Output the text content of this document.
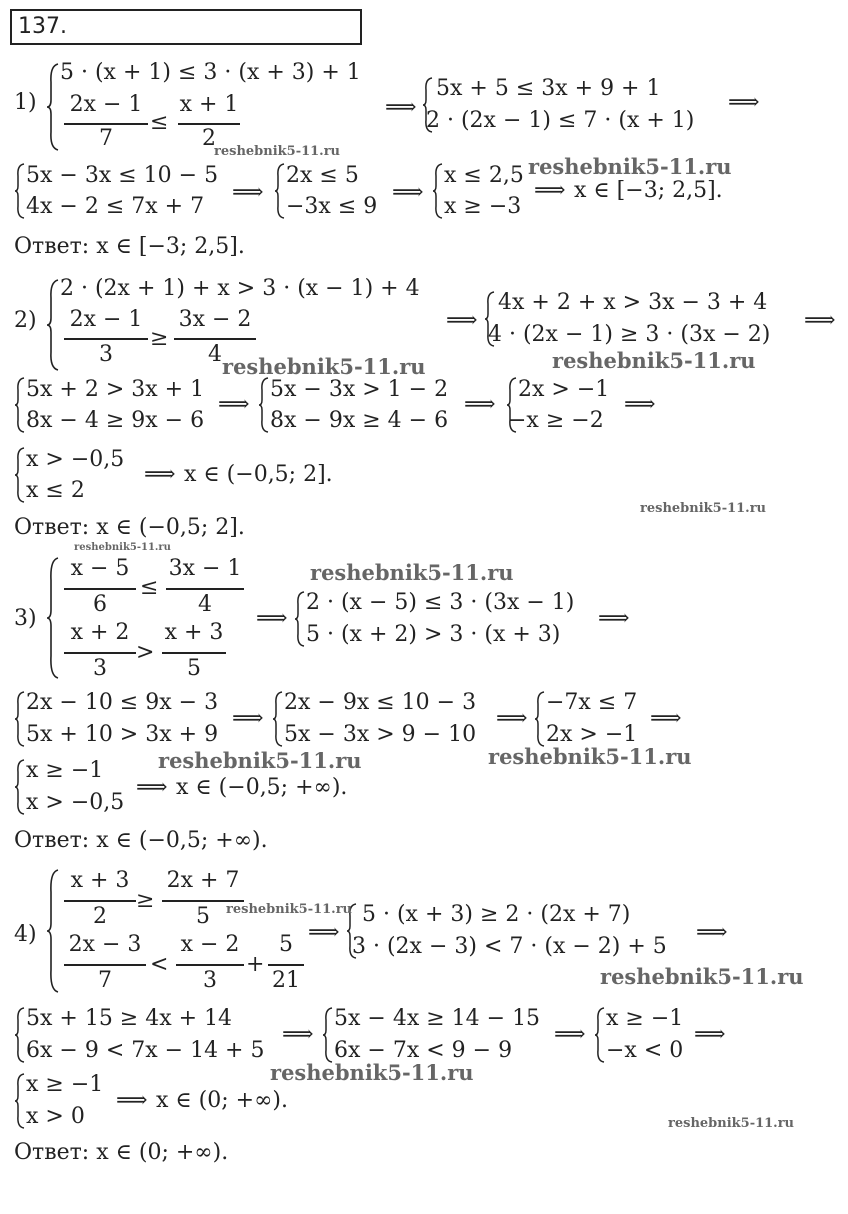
137.
1)
5 · (x + 1) ≤ 3 · (x + 3) + 1
2x − 1
7
≤
x + 1
2
⟹
5x + 5 ≤ 3x + 9 + 1
2 · (2x − 1) ≤ 7 · (x + 1)
⟹
5x − 3x ≤ 10 − 5
4x − 2 ≤ 7x + 7
⟹
2x ≤ 5
−3x ≤ 9
⟹
x ≤ 2,5
x ≥ −3
⟹ x ∈ [−3; 2,5].
Ответ: x ∈ [−3; 2,5].
2)
2 · (2x + 1) + x > 3 · (x − 1) + 4
2x − 1
3
≥
3x − 2
4
⟹
4x + 2 + x > 3x − 3 + 4
4 · (2x − 1) ≥ 3 · (3x − 2)
⟹
5x + 2 > 3x + 1
8x − 4 ≥ 9x − 6
⟹
5x − 3x > 1 − 2
8x − 9x ≥ 4 − 6
⟹
2x > −1
−x ≥ −2
⟹
x > −0,5
x ≤ 2
⟹ x ∈ (−0,5; 2].
Ответ: x ∈ (−0,5; 2].
3)
x − 5
6
≤
3x − 1
4
x + 2
3
>
x + 3
5
⟹
2 · (x − 5) ≤ 3 · (3x − 1)
5 · (x + 2) > 3 · (x + 3)
⟹
2x − 10 ≤ 9x − 3
5x + 10 > 3x + 9
⟹
2x − 9x ≤ 10 − 3
5x − 3x > 9 − 10
⟹
−7x ≤ 7
2x > −1
⟹
x ≥ −1
x > −0,5
⟹ x ∈ (−0,5; +∞).
Ответ: x ∈ (−0,5; +∞).
4)
x + 3
2
≥
2x + 7
5
2x − 3
7
<
x − 2
3
+
5
21
⟹
5 · (x + 3) ≥ 2 · (2x + 7)
3 · (2x − 3) < 7 · (x − 2) + 5
⟹
5x + 15 ≥ 4x + 14
6x − 9 < 7x − 14 + 5
⟹
5x − 4x ≥ 14 − 15
6x − 7x < 9 − 9
⟹
x ≥ −1
−x < 0
⟹
x ≥ −1
x > 0
⟹ x ∈ (0; +∞).
Ответ: x ∈ (0; +∞).
reshebnik5-11.ru
reshebnik5-11.ru
reshebnik5-11.ru	reshebnik5-11.ru
reshebnik5-11.ru
reshebnik5-11.ru
reshebnik5-11.ru
reshebnik5-11.ru	reshebnik5-11.ru
reshebnik5-11.ru
reshebnik5-11.ru
reshebnik5-11.ru
reshebnik5-11.ru
